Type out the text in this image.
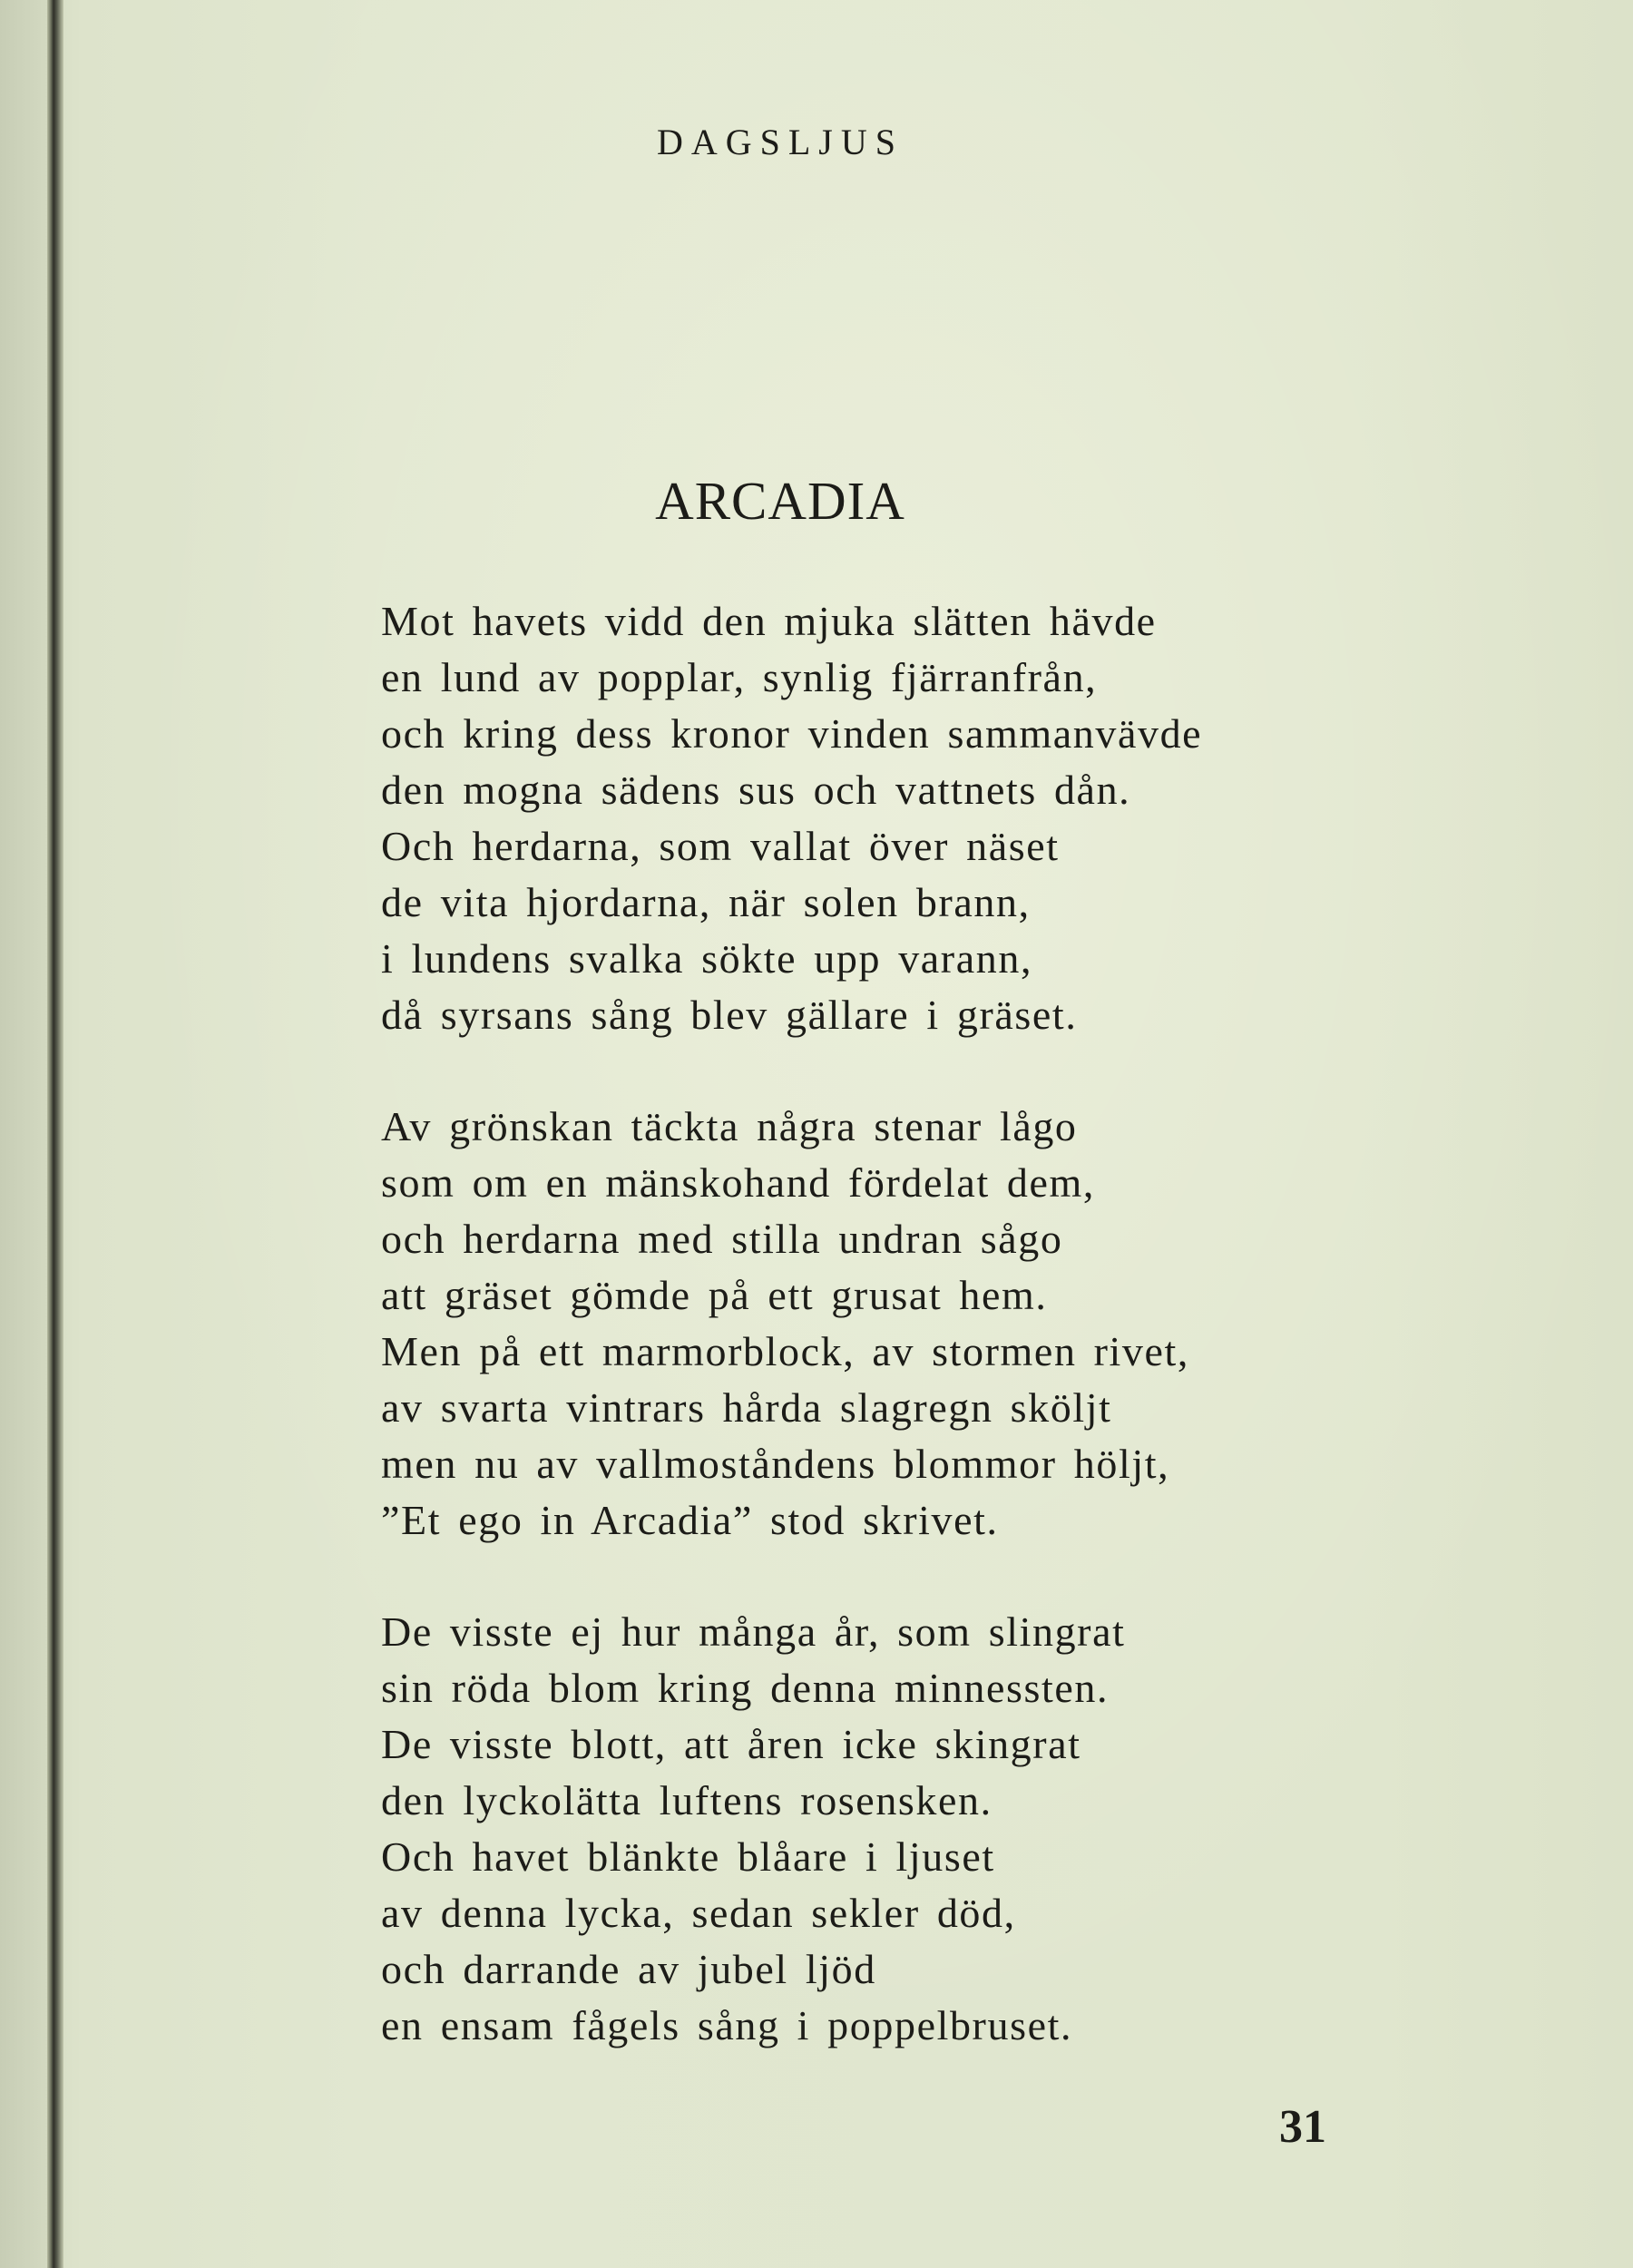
DAGSLJUS
ARCADIA
Mot havets vidd den mjuka slätten hävde
en lund av popplar, synlig fjärranfrån,
och kring dess kronor vinden sammanvävde
den mogna sädens sus och vattnets dån.
Och herdarna, som vallat över näset
de vita hjordarna, när solen brann,
i lundens svalka sökte upp varann,
då syrsans sång blev gällare i gräset.
Av grönskan täckta några stenar lågo
som om en mänskohand fördelat dem,
och herdarna med stilla undran sågo
att gräset gömde på ett grusat hem.
Men på ett marmorblock, av stormen rivet,
av svarta vintrars hårda slagregn sköljt
men nu av vallmoståndens blommor höljt,
”Et ego in Arcadia” stod skrivet.
De visste ej hur många år, som slingrat
sin röda blom kring denna minnessten.
De visste blott, att åren icke skingrat
den lyckolätta luftens rosensken.
Och havet blänkte blåare i ljuset
av denna lycka, sedan sekler död,
och darrande av jubel ljöd
en ensam fågels sång i poppelbruset.
31
